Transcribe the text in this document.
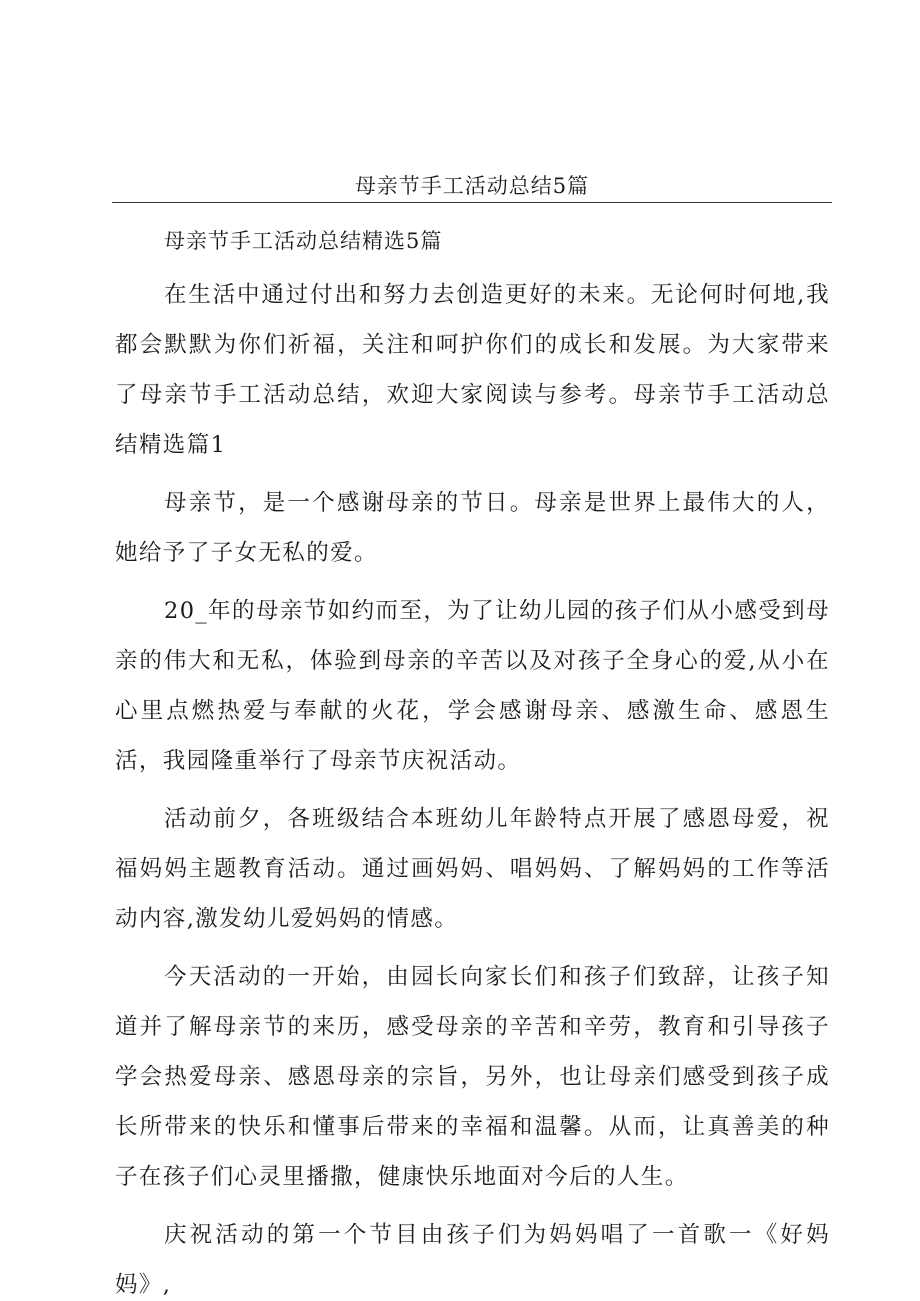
母亲节手工活动总结5篇

母亲节手工活动总结精选5篇

在生活中通过付出和努力去创造更好的未来。无论何时何地,我都会默默为你们祈福，关注和呵护你们的成长和发展。为大家带来了母亲节手工活动总结，欢迎大家阅读与参考。母亲节手工活动总结精选篇1

母亲节，是一个感谢母亲的节日。母亲是世界上最伟大的人，她给予了子女无私的爱。

20_年的母亲节如约而至，为了让幼儿园的孩子们从小感受到母亲的伟大和无私，体验到母亲的辛苦以及对孩子全身心的爱,从小在心里点燃热爱与奉献的火花，学会感谢母亲、感激生命、感恩生活，我园隆重举行了母亲节庆祝活动。

活动前夕，各班级结合本班幼儿年龄特点开展了感恩母爱，祝福妈妈主题教育活动。通过画妈妈、唱妈妈、了解妈妈的工作等活动内容,激发幼儿爱妈妈的情感。

今天活动的一开始，由园长向家长们和孩子们致辞，让孩子知道并了解母亲节的来历，感受母亲的辛苦和辛劳，教育和引导孩子学会热爱母亲、感恩母亲的宗旨，另外，也让母亲们感受到孩子成长所带来的快乐和懂事后带来的幸福和温馨。从而，让真善美的种子在孩子们心灵里播撒，健康快乐地面对今后的人生。

庆祝活动的第一个节目由孩子们为妈妈唱了一首歌一《好妈妈》,
